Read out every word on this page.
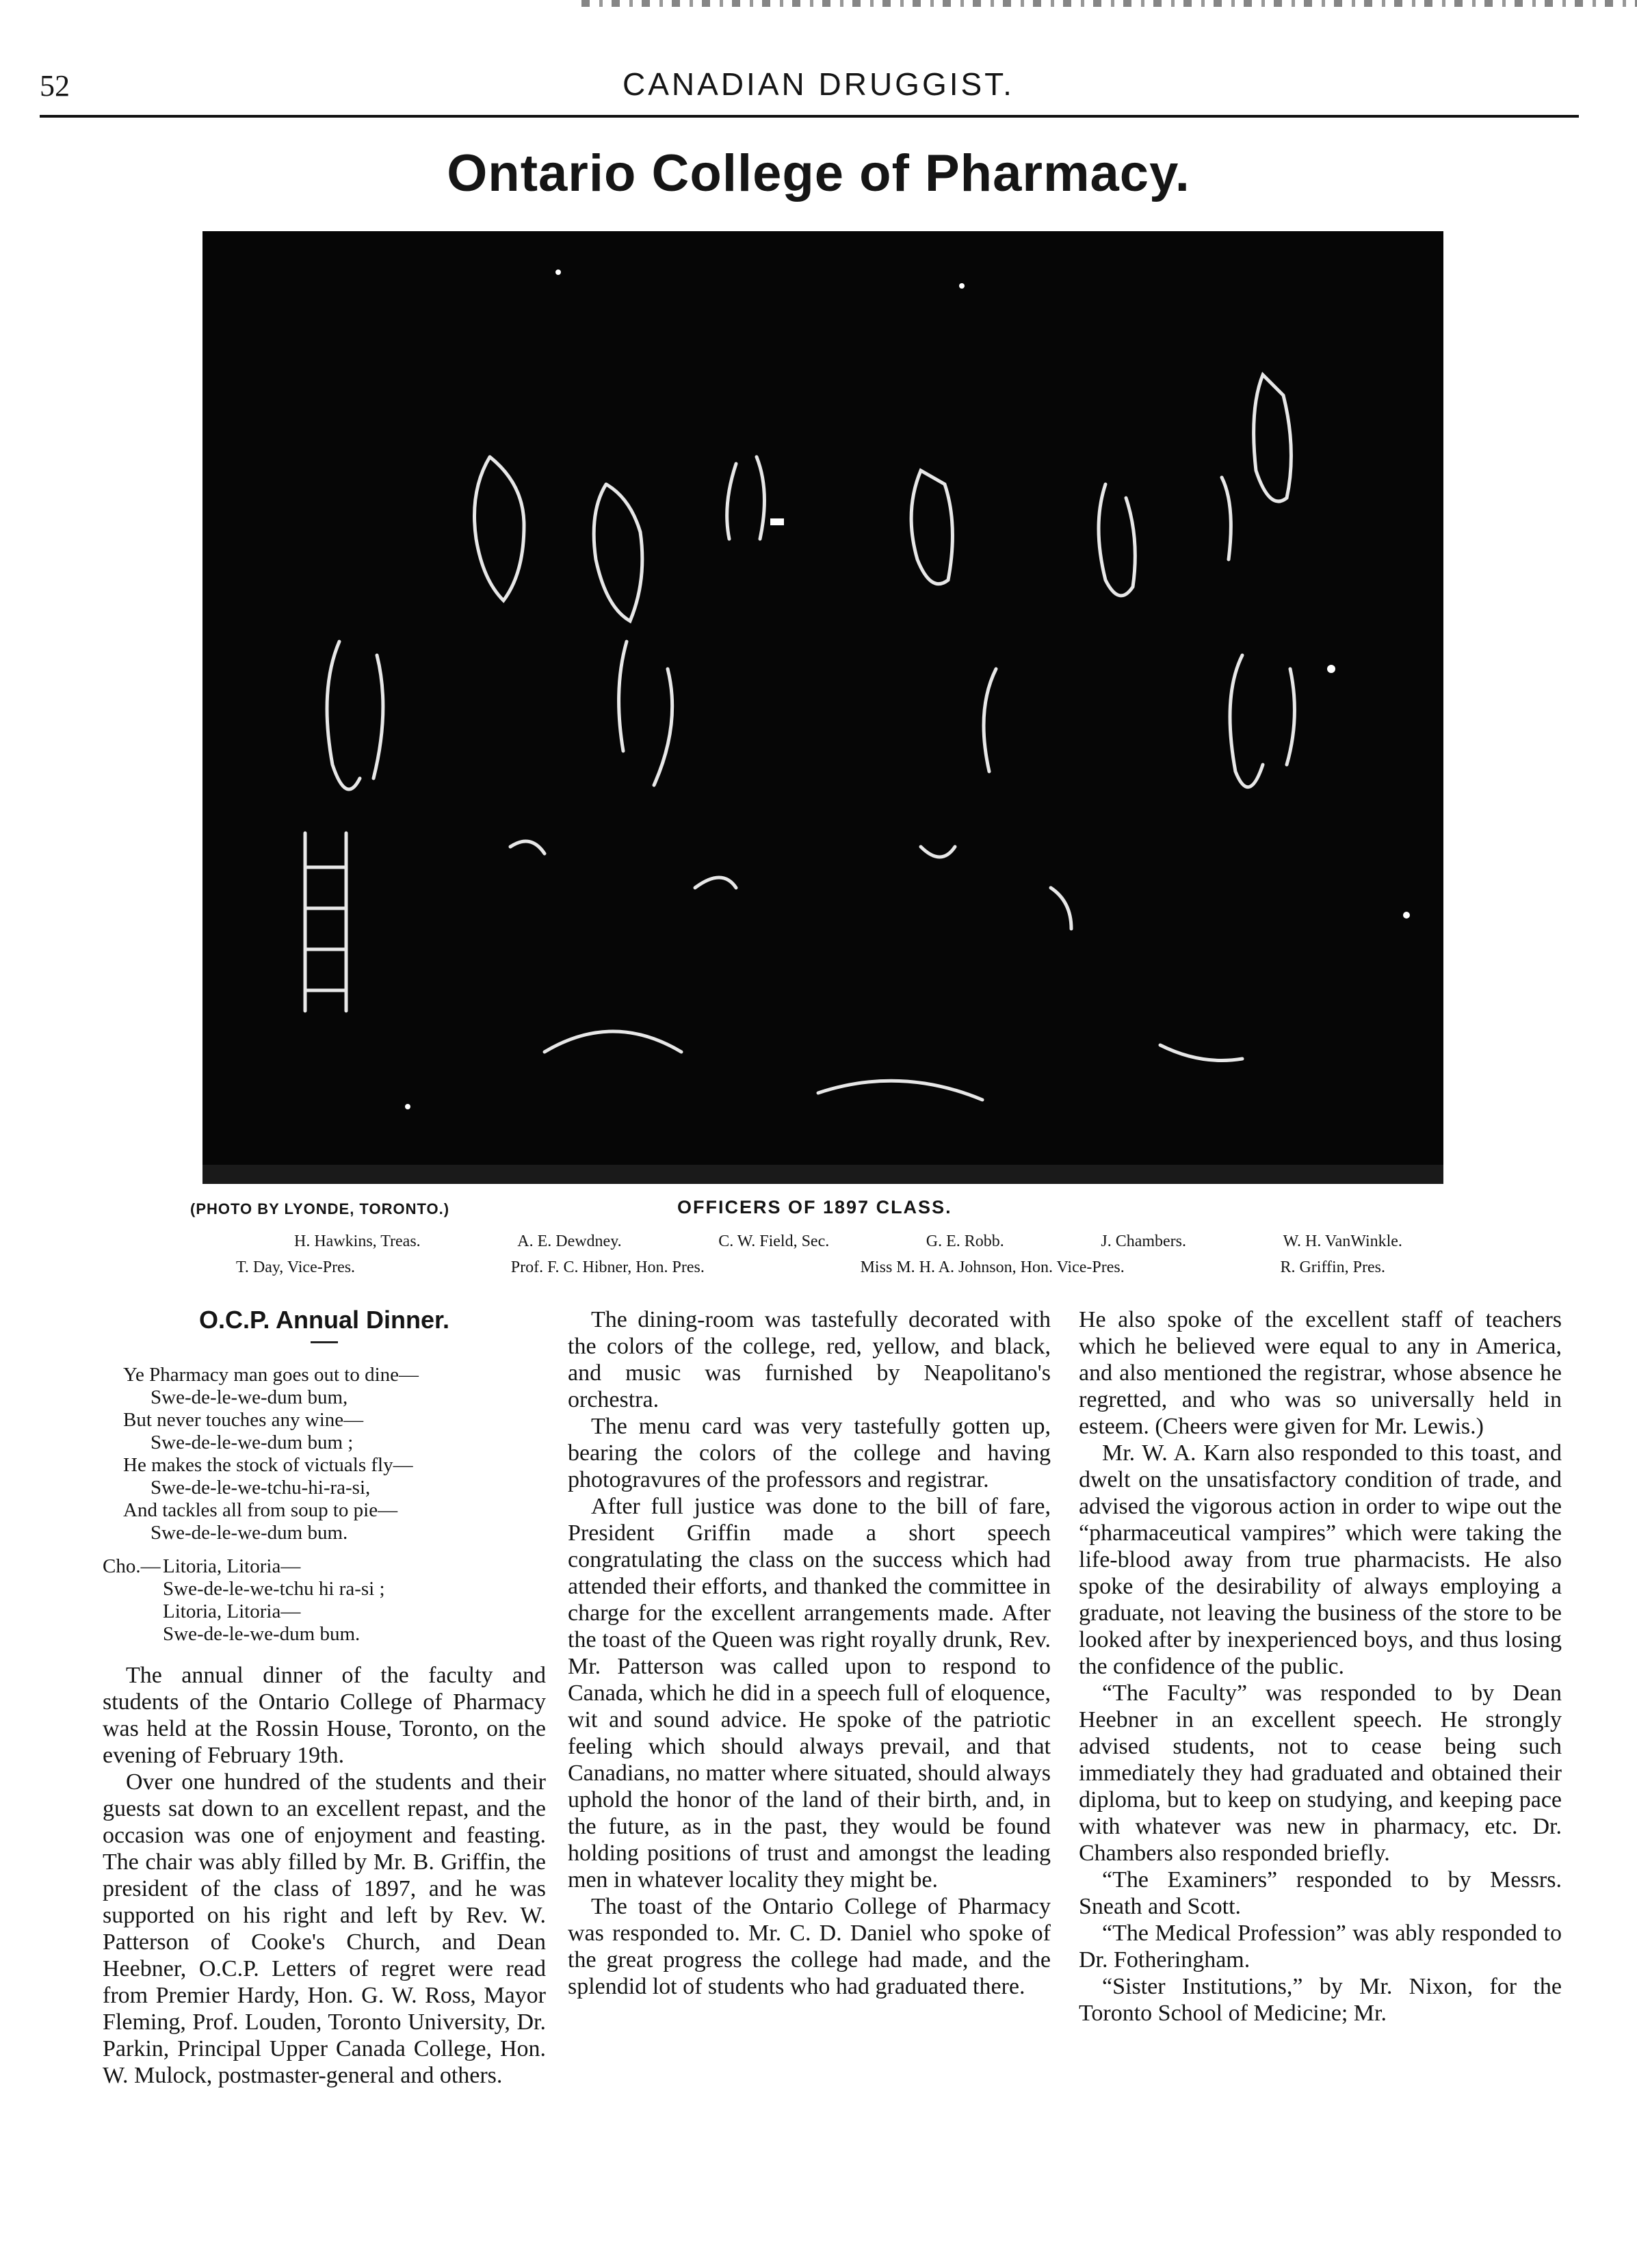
52	CANADIAN DRUGGIST.
Ontario College of Pharmacy.
(PHOTO BY LYONDE, TORONTO.)	OFFICERS OF 1897 CLASS.
H. Hawkins, Treas.	A. E. Dewdney.	C. W. Field, Sec.	G. E. Robb.	J. Chambers.	W. H. VanWinkle.
T. Day, Vice-Pres.	Prof. F. C. Hibner, Hon. Pres.	Miss M. H. A. Johnson, Hon. Vice-Pres.	R. Griffin, Pres.
O.C.P. Annual Dinner.
Ye Pharmacy man goes out to dine—
Swe-de-le-we-dum bum,
But never touches any wine—
Swe-de-le-we-dum bum ;
He makes the stock of victuals fly—
Swe-de-le-we-tchu-hi-ra-si,
And tackles all from soup to pie—
Swe-de-le-we-dum bum.
Cho.— Litoria, Litoria—
Swe-de-le-we-tchu hi ra-si ;
Litoria, Litoria—
Swe-de-le-we-dum bum.

The annual dinner of the faculty and students of the Ontario College of Pharmacy was held at the Rossin House, Toronto, on the evening of February 19th.

Over one hundred of the students and their guests sat down to an excellent repast, and the occasion was one of enjoyment and feasting. The chair was ably filled by Mr. B. Griffin, the president of the class of 1897, and he was supported on his right and left by Rev. W. Patterson of Cooke's Church, and Dean Heebner, O.C.P. Letters of regret were read from Premier Hardy, Hon. G. W. Ross, Mayor Fleming, Prof. Louden, Toronto University, Dr. Parkin, Principal Upper Canada College, Hon. W. Mulock, postmaster-general and others.

The dining-room was tastefully decorated with the colors of the college, red, yellow, and black, and music was furnished by Neapolitano's orchestra.

The menu card was very tastefully gotten up, bearing the colors of the college and having photogravures of the professors and registrar.

After full justice was done to the bill of fare, President Griffin made a short speech congratulating the class on the success which had attended their efforts, and thanked the committee in charge for the excellent arrangements made. After the toast of the Queen was right royally drunk, Rev. Mr. Patterson was called upon to respond to Canada, which he did in a speech full of eloquence, wit and sound advice. He spoke of the patriotic feeling which should always prevail, and that Canadians, no matter where situated, should always uphold the honor of the land of their birth, and, in the future, as in the past, they would be found holding positions of trust and amongst the leading men in whatever locality they might be.

The toast of the Ontario College of Pharmacy was responded to. Mr. C. D. Daniel who spoke of the great progress the college had made, and the splendid lot of students who had graduated there.

He also spoke of the excellent staff of teachers which he believed were equal to any in America, and also mentioned the registrar, whose absence he regretted, and who was so universally held in esteem. (Cheers were given for Mr. Lewis.)

Mr. W. A. Karn also responded to this toast, and dwelt on the unsatisfactory condition of trade, and advised the vigorous action in order to wipe out the “pharmaceutical vampires” which were taking the life-blood away from true pharmacists. He also spoke of the desirability of always employing a graduate, not leaving the business of the store to be looked after by inexperienced boys, and thus losing the confidence of the public.

“The Faculty” was responded to by Dean Heebner in an excellent speech. He strongly advised students, not to cease being such immediately they had graduated and obtained their diploma, but to keep on studying, and keeping pace with whatever was new in pharmacy, etc. Dr. Chambers also responded briefly.

“The Examiners” responded to by Messrs. Sneath and Scott.

“The Medical Profession” was ably responded to Dr. Fotheringham.

“Sister Institutions,” by Mr. Nixon, for the Toronto School of Medicine; Mr.
